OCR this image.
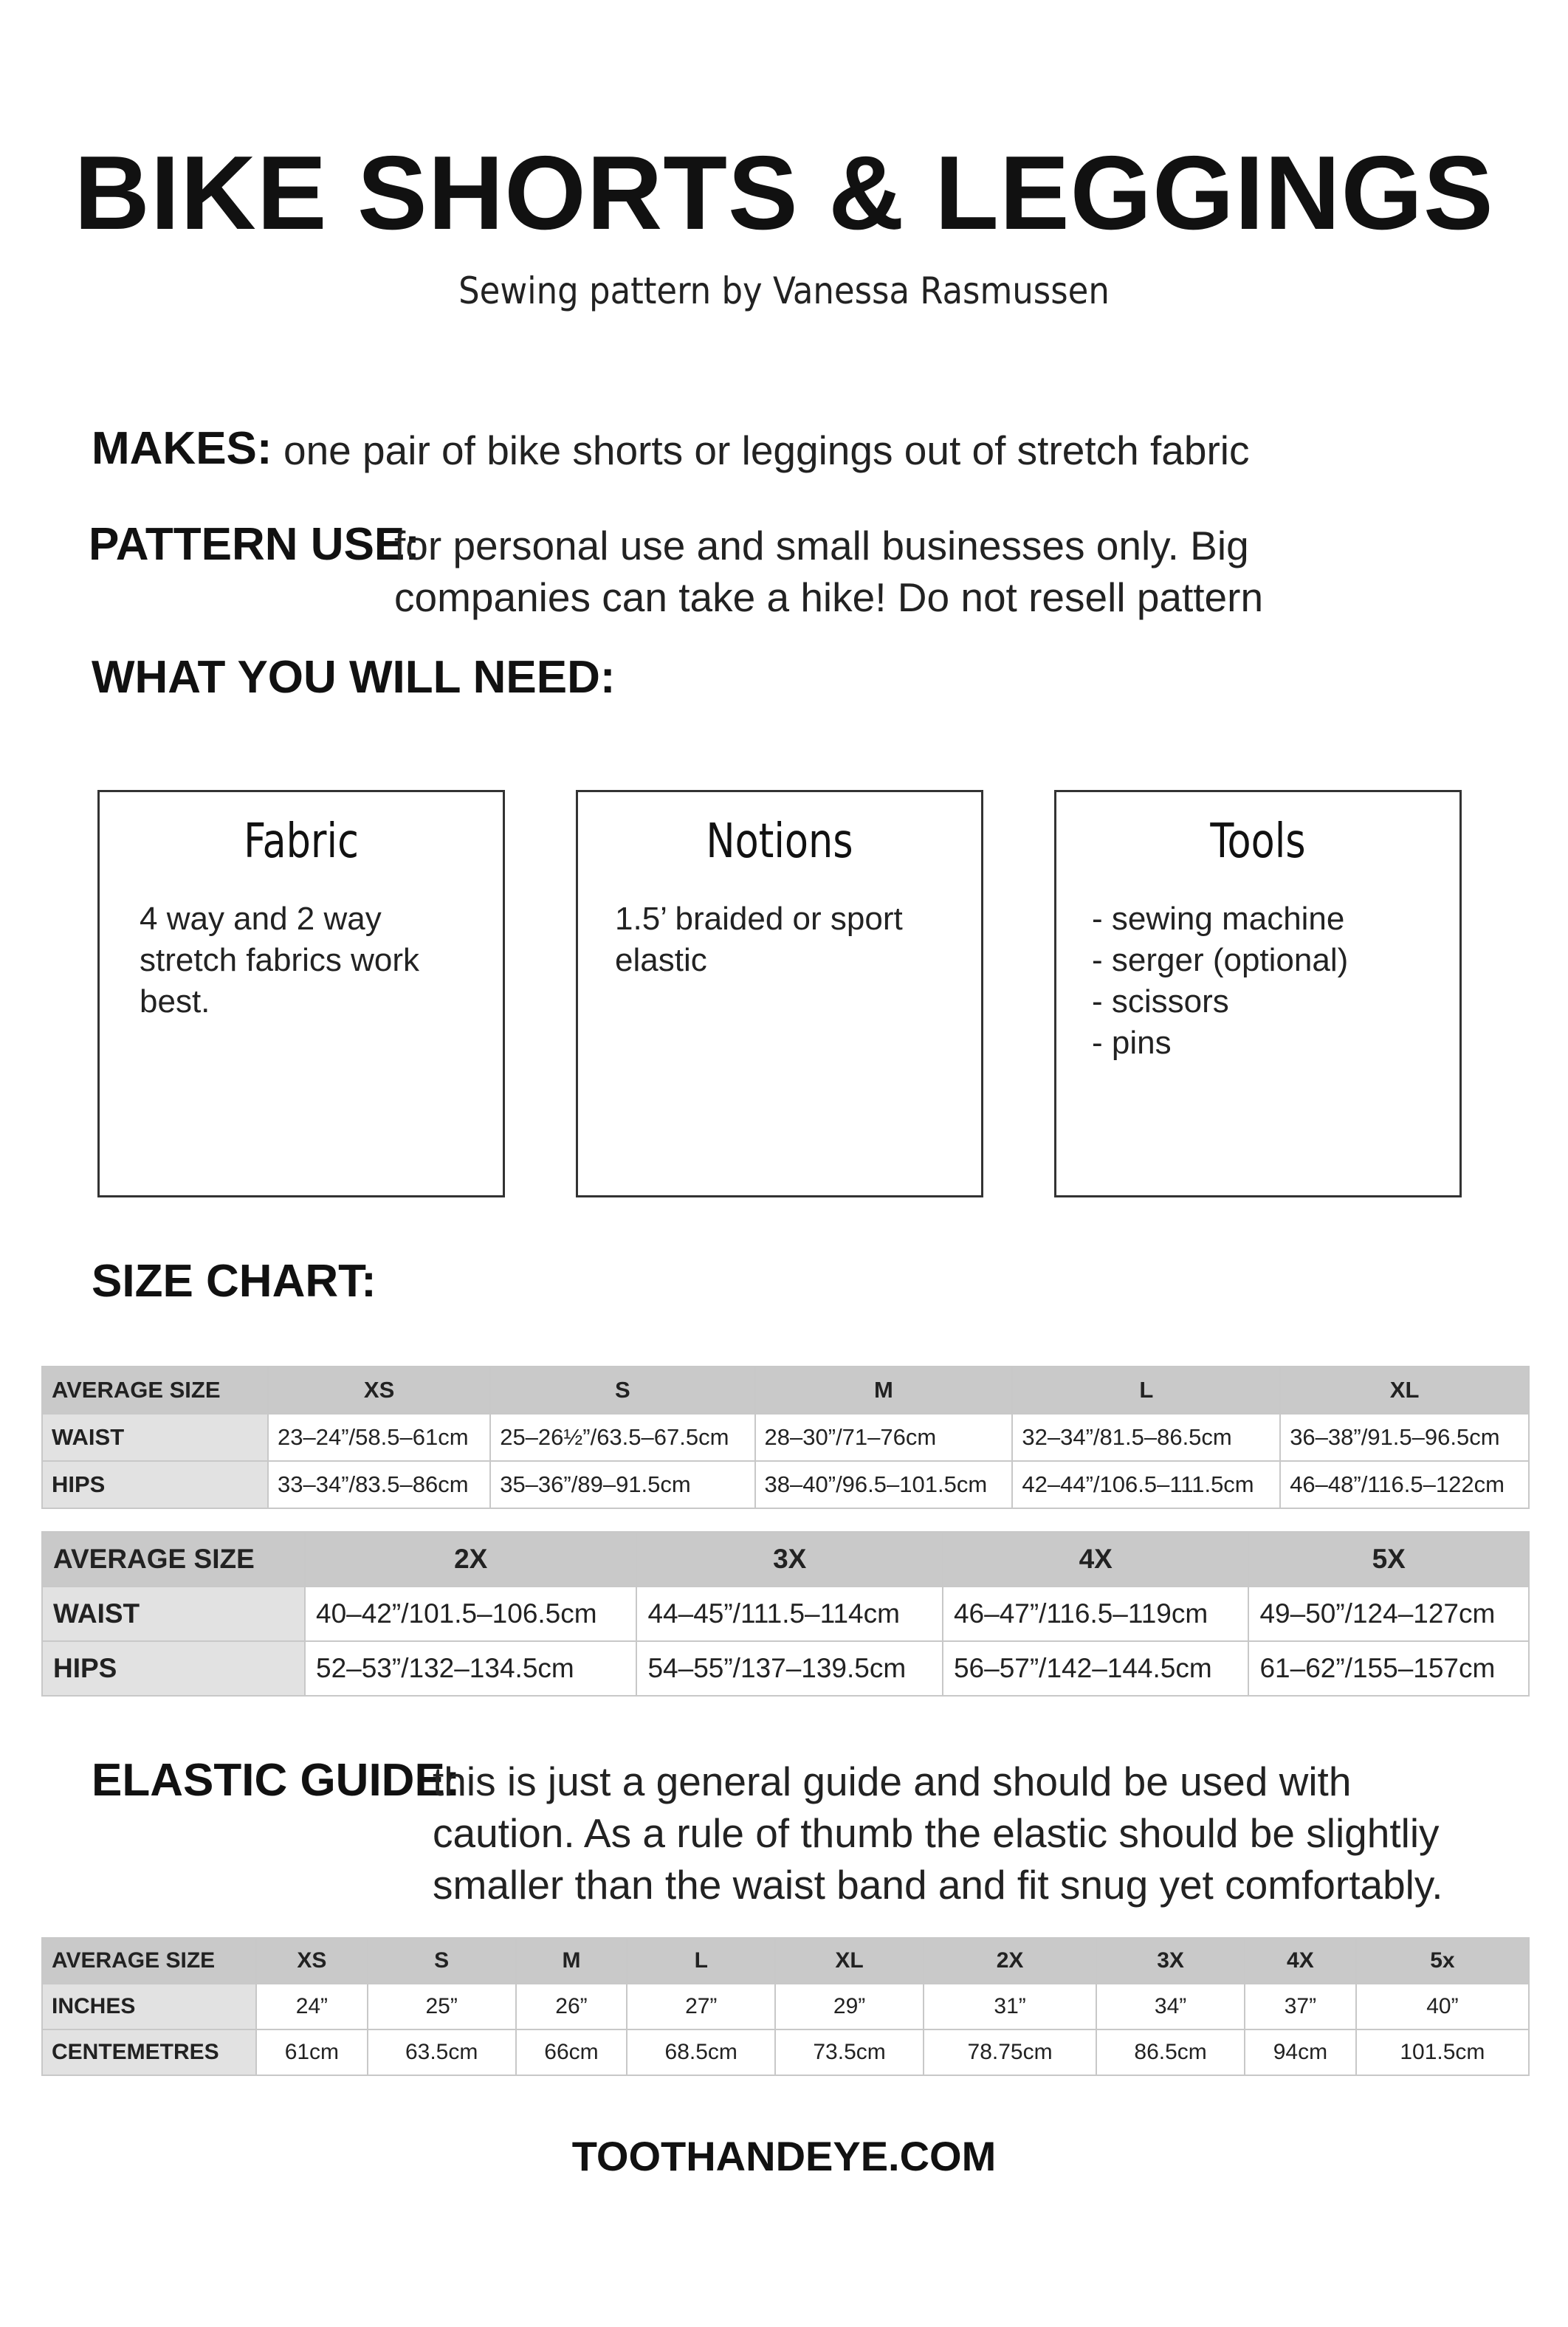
BIKE SHORTS & LEGGINGS
Sewing pattern by Vanessa Rasmussen
MAKES: one pair of bike shorts or leggings out of stretch fabric
PATTERN USE:
for personal use and small businesses only. Big
companies can take a hike! Do not resell pattern
WHAT YOU WILL NEED:
Fabric
4 way and 2 way
stretch fabrics work
best.
Notions
1.5’ braided or sport
elastic
Tools
- sewing machine
- serger (optional)
- scissors
- pins
SIZE CHART:
AVERAGE SIZE	XS	S	M	L	XL
WAIST	23–24”/58.5–61cm	25–26½”/63.5–67.5cm	28–30”/71–76cm	32–34”/81.5–86.5cm	36–38”/91.5–96.5cm
HIPS	33–34”/83.5–86cm	35–36”/89–91.5cm	38–40”/96.5–101.5cm	42–44”/106.5–111.5cm	46–48”/116.5–122cm
AVERAGE SIZE	2X	3X	4X	5X
WAIST	40–42”/101.5–106.5cm	44–45”/111.5–114cm	46–47”/116.5–119cm	49–50”/124–127cm
HIPS	52–53”/132–134.5cm	54–55”/137–139.5cm	56–57”/142–144.5cm	61–62”/155–157cm
ELASTIC GUIDE:
this is just a general guide and should be used with
caution. As a rule of thumb the elastic should be slightliy
smaller than the waist band and fit snug yet comfortably.
AVERAGE SIZE	XS	S	M	L	XL	2X	3X	4X	5x
INCHES	24”	25”	26”	27”	29”	31”	34”	37”	40”
CENTEMETRES	61cm	63.5cm	66cm	68.5cm	73.5cm	78.75cm	86.5cm	94cm	101.5cm
TOOTHANDEYE.COM
